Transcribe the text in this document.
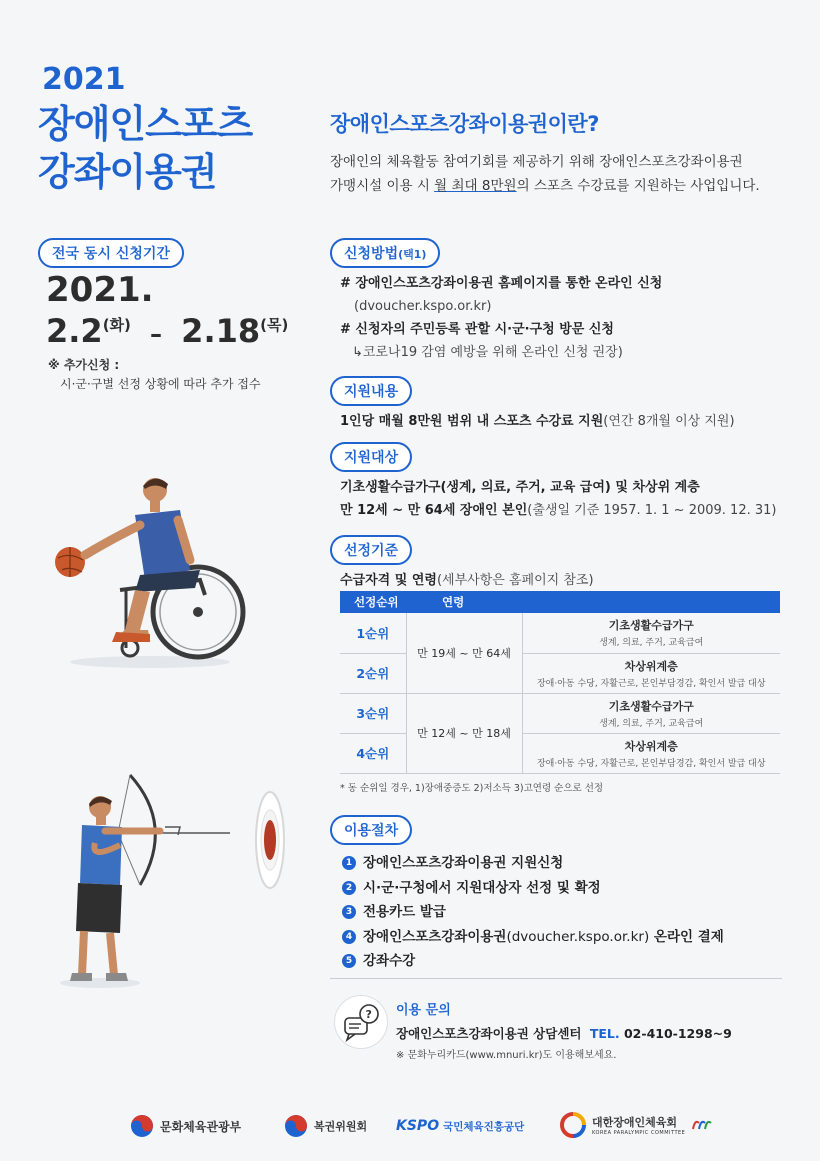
2021
장애인스포츠
강좌이용권
전국 동시 신청기간
2021.
$2.2^{(화)} - 2.18^{(목)}$
※ 추가신청 :
시·군·구별 선정 상황에 따라 추가 접수
장애인스포츠강좌이용권이란?
장애인의 체육활동 참여기회를 제공하기 위해 장애인스포츠강좌이용권
가맹시설 이용 시 월 최대 8만원의 스포츠 수강료를 지원하는 사업입니다.
신청방법(택1)
# 장애인스포츠강좌이용권 홈페이지를 통한 온라인 신청
(dvoucher.kspo.or.kr)
# 신청자의 주민등록 관할 시·군·구청 방문 신청
↳코로나19 감염 예방을 위해 온라인 신청 권장)
지원내용
1인당 매월 8만원 범위 내 스포츠 수강료 지원(연간 8개월 이상 지원)
지원대상
기초생활수급가구(생계, 의료, 주거, 교육 급여) 및 차상위 계층
만 12세 ~ 만 64세 장애인 본인(출생일 기준 1957. 1. 1 ~ 2009. 12. 31)
선정기준
수급자격 및 연령(세부사항은 홈페이지 참조)
선정순위	연령	
1순위	만 19세 ~ 만 64세	기초생활수급가구
생계, 의료, 주거, 교육급여

2순위		차상위계층
장애·아동 수당, 자활근로, 본인부담경감, 확인서 발급 대상

3순위	만 12세 ~ 만 18세	기초생활수급가구
생계, 의료, 주거, 교육급여

4순위		차상위계층
장애·아동 수당, 자활근로, 본인부담경감, 확인서 발급 대상
* 동 순위일 경우, 1)장애중증도 2)저소득 3)고연령 순으로 선정
이용절차
1 장애인스포츠강좌이용권 지원신청
2 시·군·구청에서 지원대상자 선정 및 확정
3 전용카드 발급
4 장애인스포츠강좌이용권 (dvoucher.kspo.or.kr) 온라인 결제
5 강좌수강
? 이용 문의
장애인스포츠강좌이용권 상담센터 TEL. 02-410-1298~9
※ 문화누리카드(www.mnuri.kr)도 이용해보세요.
문화체육관광부	복권위원회 KSPO 국민체육진흥공단	대한장애인체육회
KOREA PARALYMPIC COMMITTEE
